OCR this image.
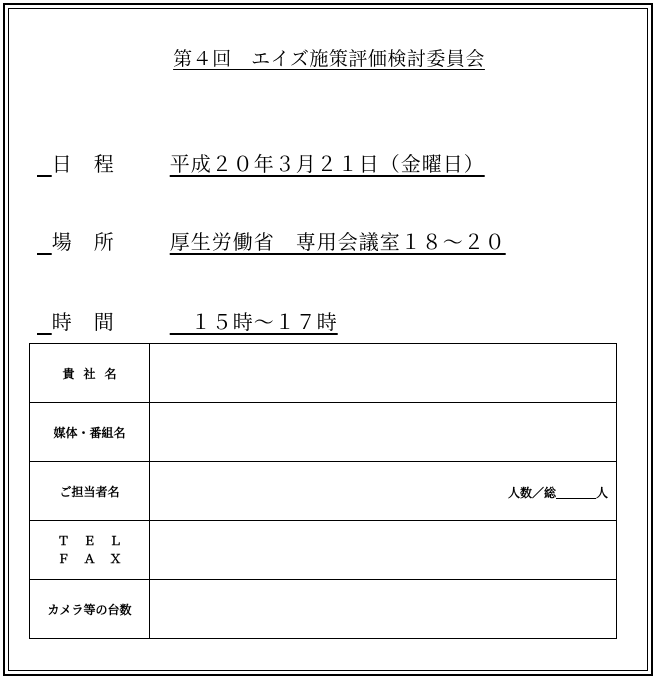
第４回　エイズ施策評価検討委員会

日　程	平成２０年３月２１日（金曜日）

場　所	厚生労働省　専用会議室１８～２０

時　間	　１５時～１７時

貴社名	
媒体・番組名	
ご担当者名	人数／総 人

ＴＥＬ
ＦＡＸ	

カメラ等の台数	
